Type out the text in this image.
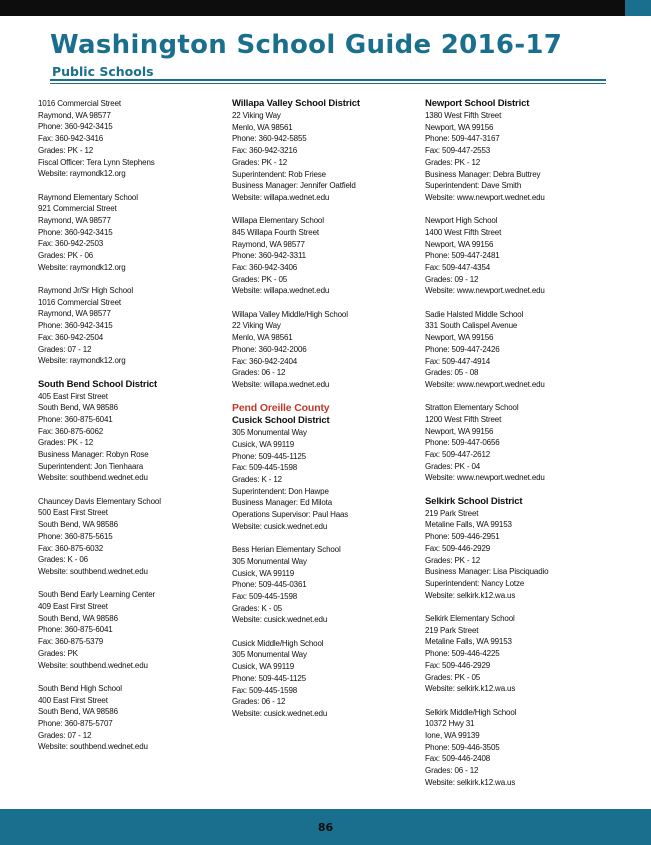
Washington School Guide 2016-17
Public Schools
1016 Commercial Street
Raymond, WA 98577
Phone: 360-942-3415
Fax: 360-942-3416
Grades: PK - 12
Fiscal Officer: Tera Lynn Stephens
Website: raymondk12.org
Raymond Elementary School
921 Commercial Street
Raymond, WA 98577
Phone: 360-942-3415
Fax: 360-942-2503
Grades: PK - 06
Website: raymondk12.org
Raymond Jr/Sr High School
1016 Commercial Street
Raymond, WA 98577
Phone: 360-942-3415
Fax: 360-942-2504
Grades: 07 - 12
Website: raymondk12.org
South Bend School District
405 East First Street
South Bend, WA 98586
Phone: 360-875-6041
Fax: 360-875-6062
Grades: PK - 12
Business Manager: Robyn Rose
Superintendent: Jon Tienhaara
Website: southbend.wednet.edu
Chauncey Davis Elementary School
500 East First Street
South Bend, WA 98586
Phone: 360-875-5615
Fax: 360-875-6032
Grades: K - 06
Website: southbend.wednet.edu
South Bend Early Learning Center
409 East First Street
South Bend, WA 98586
Phone: 360-875-6041
Fax: 360-875-5379
Grades: PK
Website: southbend.wednet.edu
South Bend High School
400 East First Street
South Bend, WA 98586
Phone: 360-875-5707
Grades: 07 - 12
Website: southbend.wednet.edu
Willapa Valley School District
22 Viking Way
Menlo, WA 98561
Phone: 360-942-5855
Fax: 360-942-3216
Grades: PK - 12
Superintendent: Rob Friese
Business Manager: Jennifer Oatfield
Website: willapa.wednet.edu
Willapa Elementary School
845 Willapa Fourth Street
Raymond, WA 98577
Phone: 360-942-3311
Fax: 360-942-3406
Grades: PK - 05
Website: willapa.wednet.edu
Willapa Valley Middle/High School
22 Viking Way
Menlo, WA 98561
Phone: 360-942-2006
Fax: 360-942-2404
Grades: 06 - 12
Website: willapa.wednet.edu
Pend Oreille County
Cusick School District
305 Monumental Way
Cusick, WA 99119
Phone: 509-445-1125
Fax: 509-445-1598
Grades: K - 12
Superintendent: Don Hawpe
Business Manager: Ed Milota
Operations Supervisor: Paul Haas
Website: cusick.wednet.edu
Bess Herian Elementary School
305 Monumental Way
Cusick, WA 99119
Phone: 509-445-0361
Fax: 509-445-1598
Grades: K - 05
Website: cusick.wednet.edu
Cusick Middle/High School
305 Monumental Way
Cusick, WA 99119
Phone: 509-445-1125
Fax: 509-445-1598
Grades: 06 - 12
Website: cusick.wednet.edu
Newport School District
1380 West Fifth Street
Newport, WA 99156
Phone: 509-447-3167
Fax: 509-447-2553
Grades: PK - 12
Business Manager: Debra Buttrey
Superintendent: Dave Smith
Website: www.newport.wednet.edu
Newport High School
1400 West Fifth Street
Newport, WA 99156
Phone: 509-447-2481
Fax: 509-447-4354
Grades: 09 - 12
Website: www.newport.wednet.edu
Sadie Halsted Middle School
331 South Calispel Avenue
Newport, WA 99156
Phone: 509-447-2426
Fax: 509-447-4914
Grades: 05 - 08
Website: www.newport.wednet.edu
Stratton Elementary School
1200 West Fifth Street
Newport, WA 99156
Phone: 509-447-0656
Fax: 509-447-2612
Grades: PK - 04
Website: www.newport.wednet.edu
Selkirk School District
219 Park Street
Metaline Falls, WA 99153
Phone: 509-446-2951
Fax: 509-446-2929
Grades: PK - 12
Business Manager: Lisa Pisciquadio
Superintendent: Nancy Lotze
Website: selkirk.k12.wa.us
Selkirk Elementary School
219 Park Street
Metaline Falls, WA 99153
Phone: 509-446-4225
Fax: 509-446-2929
Grades: PK - 05
Website: selkirk.k12.wa.us
Selkirk Middle/High School
10372 Hwy 31
Ione, WA 99139
Phone: 509-446-3505
Fax: 509-446-2408
Grades: 06 - 12
Website: selkirk.k12.wa.us
86
